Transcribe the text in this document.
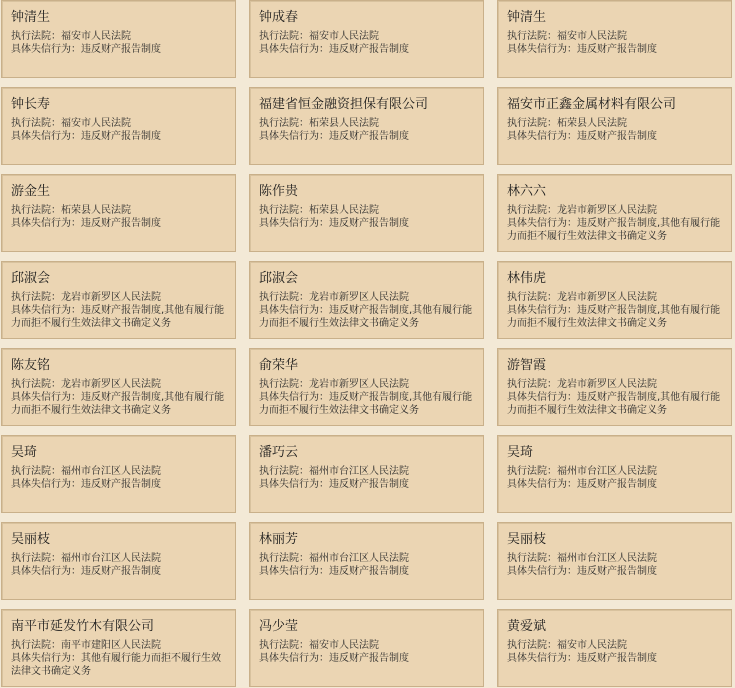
钟清生
执行法院：福安市人民法院
具体失信行为：违反财产报告制度
钟成春
执行法院：福安市人民法院
具体失信行为：违反财产报告制度
钟清生
执行法院：福安市人民法院
具体失信行为：违反财产报告制度
钟长寿
执行法院：福安市人民法院
具体失信行为：违反财产报告制度
福建省恒金融资担保有限公司
执行法院：柘荣县人民法院
具体失信行为：违反财产报告制度
福安市正鑫金属材料有限公司
执行法院：柘荣县人民法院
具体失信行为：违反财产报告制度
游金生
执行法院：柘荣县人民法院
具体失信行为：违反财产报告制度
陈作贵
执行法院：柘荣县人民法院
具体失信行为：违反财产报告制度
林六六
执行法院：龙岩市新罗区人民法院
具体失信行为：违反财产报告制度,其他有履行能力而拒不履行生效法律文书确定义务
邱淑会
执行法院：龙岩市新罗区人民法院
具体失信行为：违反财产报告制度,其他有履行能力而拒不履行生效法律文书确定义务
邱淑会
执行法院：龙岩市新罗区人民法院
具体失信行为：违反财产报告制度,其他有履行能力而拒不履行生效法律文书确定义务
林伟虎
执行法院：龙岩市新罗区人民法院
具体失信行为：违反财产报告制度,其他有履行能力而拒不履行生效法律文书确定义务
陈友铭
执行法院：龙岩市新罗区人民法院
具体失信行为：违反财产报告制度,其他有履行能力而拒不履行生效法律文书确定义务
俞荣华
执行法院：龙岩市新罗区人民法院
具体失信行为：违反财产报告制度,其他有履行能力而拒不履行生效法律文书确定义务
游智霞
执行法院：龙岩市新罗区人民法院
具体失信行为：违反财产报告制度,其他有履行能力而拒不履行生效法律文书确定义务
吴琦
执行法院：福州市台江区人民法院
具体失信行为：违反财产报告制度
潘巧云
执行法院：福州市台江区人民法院
具体失信行为：违反财产报告制度
吴琦
执行法院：福州市台江区人民法院
具体失信行为：违反财产报告制度
吴丽枝
执行法院：福州市台江区人民法院
具体失信行为：违反财产报告制度
林丽芳
执行法院：福州市台江区人民法院
具体失信行为：违反财产报告制度
吴丽枝
执行法院：福州市台江区人民法院
具体失信行为：违反财产报告制度
南平市延发竹木有限公司
执行法院：南平市建阳区人民法院
具体失信行为：其他有履行能力而拒不履行生效法律文书确定义务
冯少莹
执行法院：福安市人民法院
具体失信行为：违反财产报告制度
黄爱斌
执行法院：福安市人民法院
具体失信行为：违反财产报告制度
